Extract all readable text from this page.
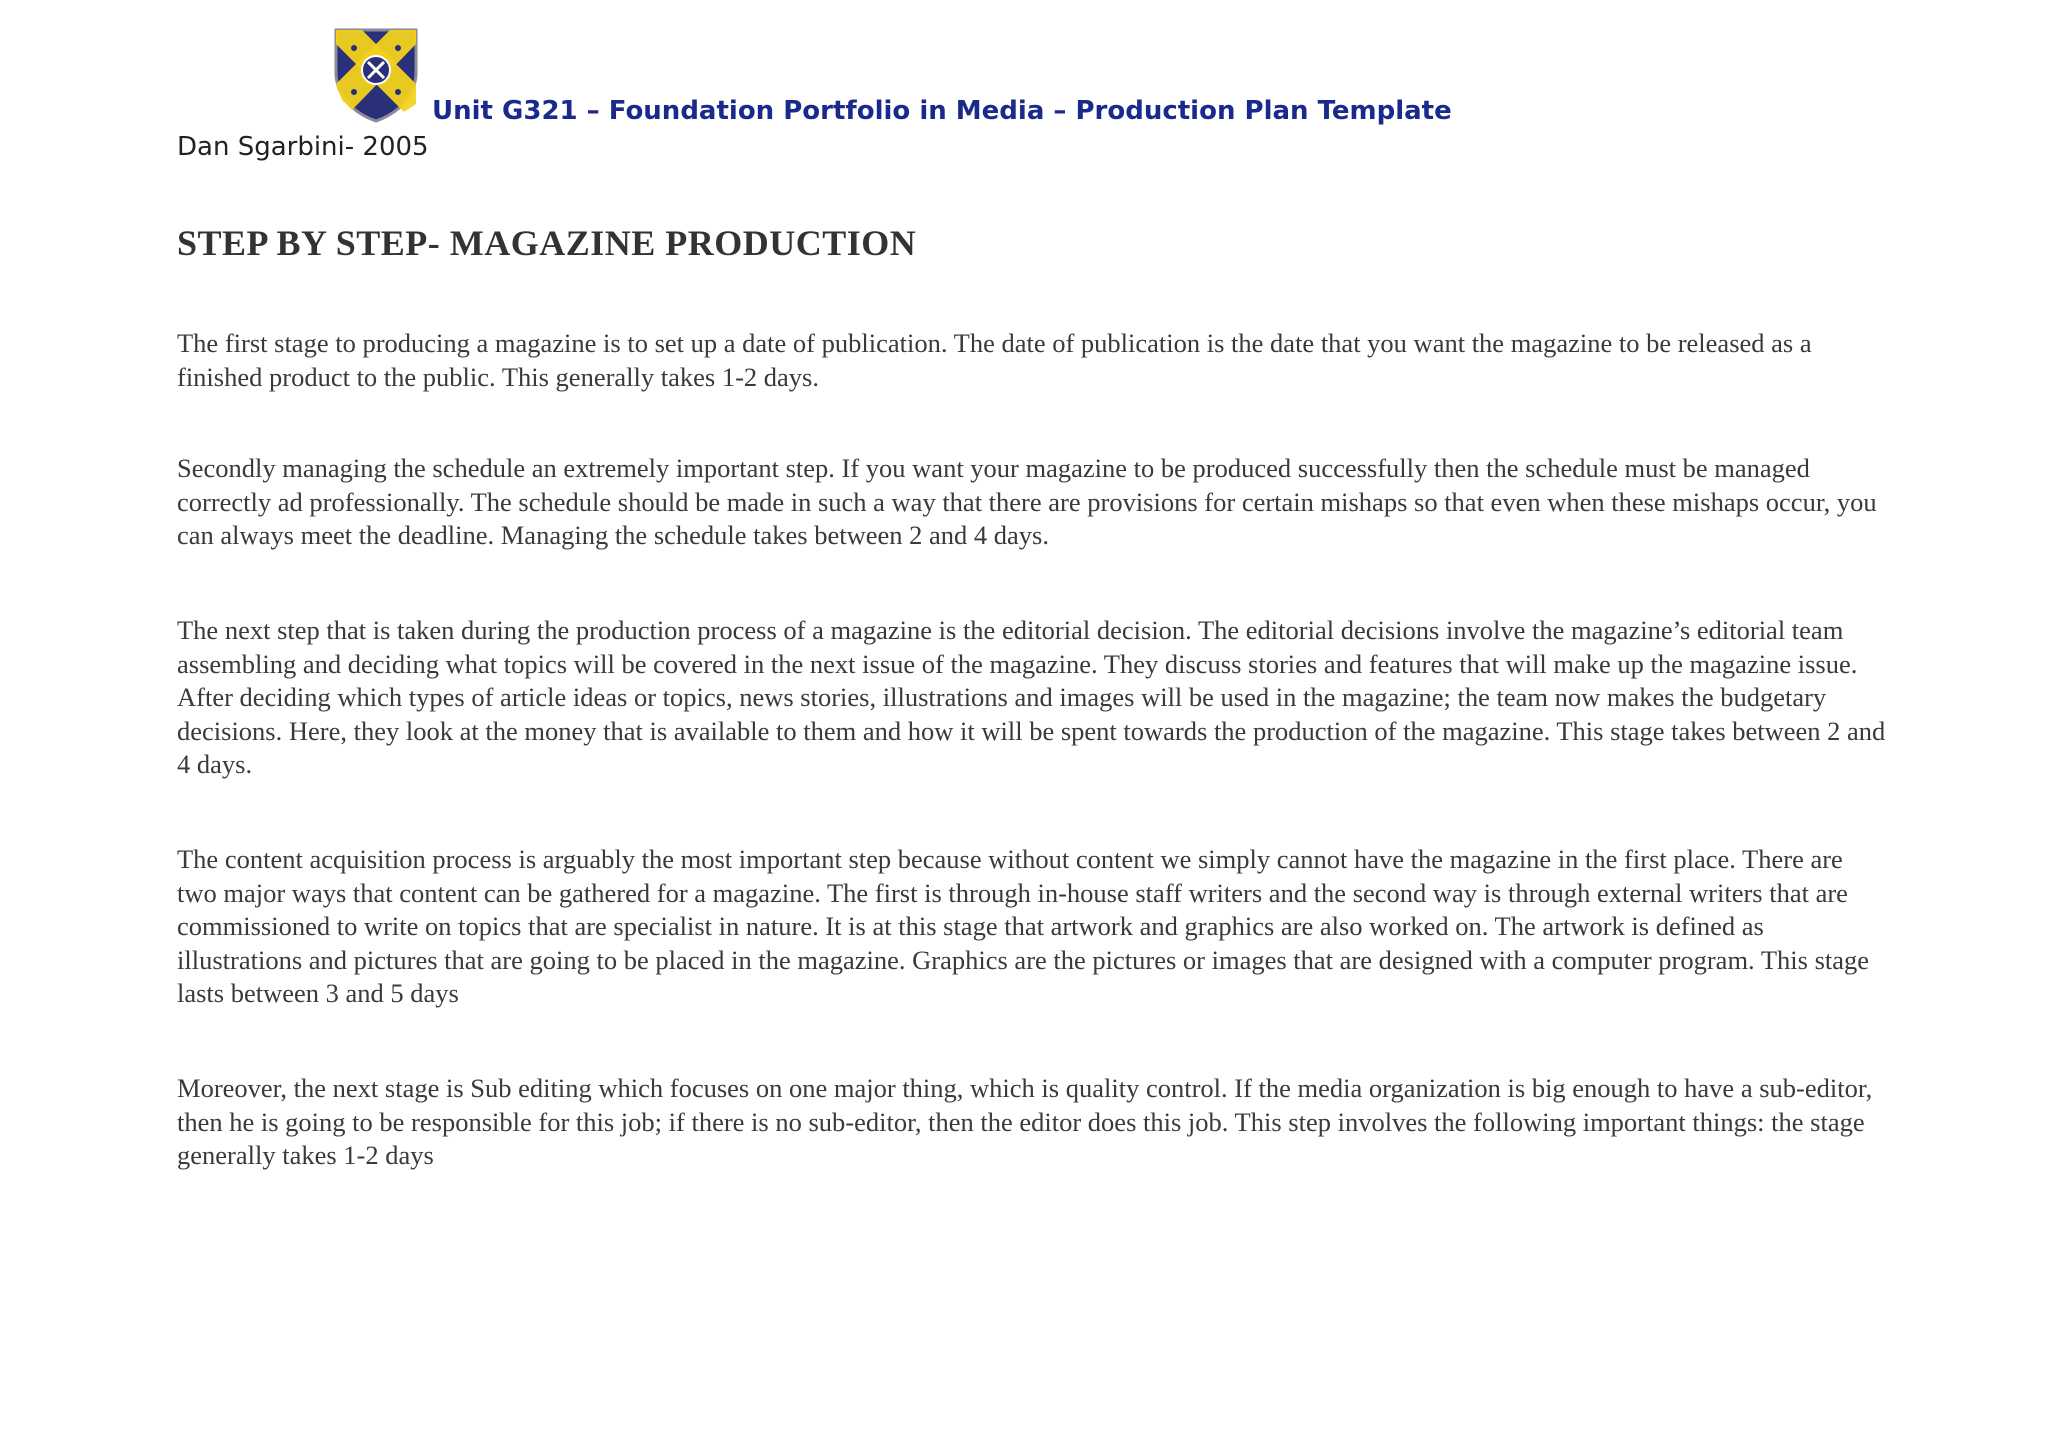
Unit G321 – Foundation Portfolio in Media – Production Plan Template
Dan Sgarbini- 2005
STEP BY STEP- MAGAZINE PRODUCTION

The first stage to producing a magazine is to set up a date of publication. The date of publication is the date that you want the magazine to be released as a finished product to the public. This generally takes 1-2 days.

Secondly managing the schedule an extremely important step. If you want your magazine to be produced successfully then the schedule must be managed correctly ad professionally. The schedule should be made in such a way that there are provisions for certain mishaps so that even when these mishaps occur, you can always meet the deadline. Managing the schedule takes between 2 and 4 days.

The next step that is taken during the production process of a magazine is the editorial decision. The editorial decisions involve the magazine’s editorial team assembling and deciding what topics will be covered in the next issue of the magazine. They discuss stories and features that will make up the magazine issue. After deciding which types of article ideas or topics, news stories, illustrations and images will be used in the magazine; the team now makes the budgetary decisions. Here, they look at the money that is available to them and how it will be spent towards the production of the magazine. This stage takes between 2 and 4 days.

The content acquisition process is arguably the most important step because without content we simply cannot have the magazine in the first place. There are two major ways that content can be gathered for a magazine. The first is through in-house staff writers and the second way is through external writers that are commissioned to write on topics that are specialist in nature. It is at this stage that artwork and graphics are also worked on. The artwork is defined as illustrations and pictures that are going to be placed in the magazine. Graphics are the pictures or images that are designed with a computer program. This stage lasts between 3 and 5 days

Moreover, the next stage is Sub editing which focuses on one major thing, which is quality control. If the media organization is big enough to have a sub-editor, then he is going to be responsible for this job; if there is no sub-editor, then the editor does this job. This step involves the following important things: the stage generally takes 1-2 days
